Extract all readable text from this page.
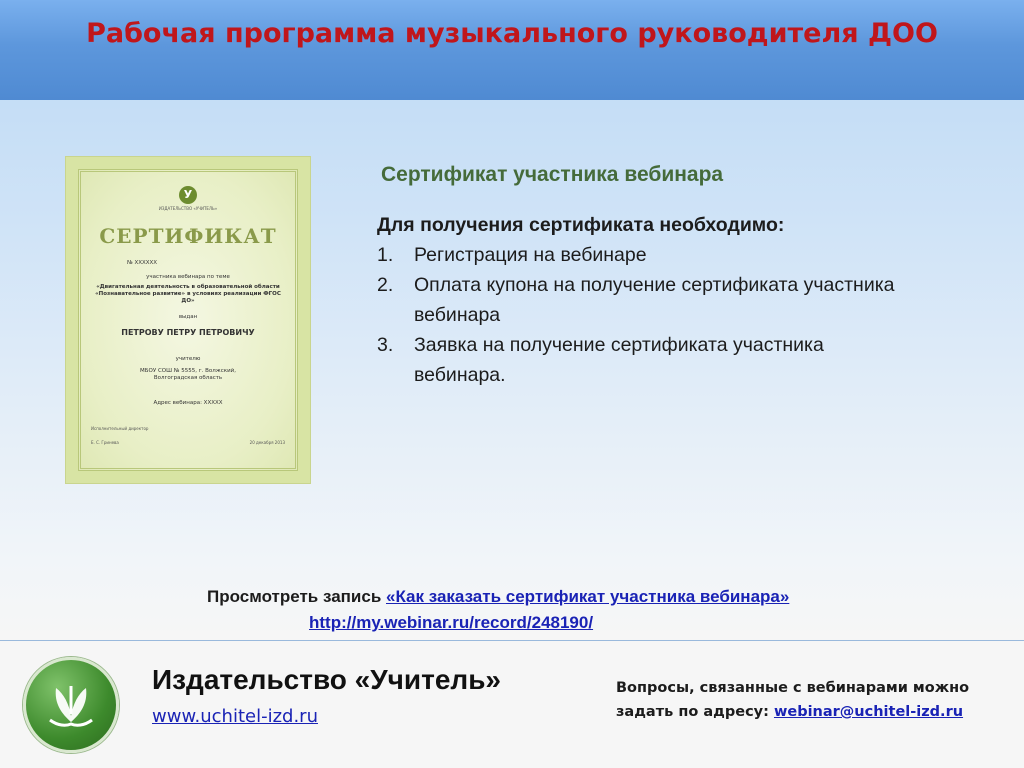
Рабочая программа музыкального руководителя ДОО
У
ИЗДАТЕЛЬСТВО «УЧИТЕЛЬ»
СЕРТИФИКАТ
№ XXXXXX
участника вебинара по теме
«Двигательная деятельность в образовательной области «Познавательное развитие» в условиях реализации ФГОС ДО»
выдан
ПЕТРОВУ ПЕТРУ ПЕТРОВИЧУ
учителю
МБОУ СОШ № 5555, г. Волжский, Волгоградская область
Адрес вебинара: XXXXX
Исполнительный директор
Е. С. Гринева	20 декабря 2013
Сертификат участника вебинара
Для получения сертификата необходимо:
1.	Регистрация на вебинаре
2.	Оплата купона на получение сертификата участника вебинара
3.	Заявка на получение сертификата участника вебинара.
Просмотреть запись «Как заказать сертификат участника вебинара»
http://my.webinar.ru/record/248190/
Издательство «Учитель»
www.uchitel-izd.ru
Вопросы, связанные с вебинарами можно задать по адресу: webinar@uchitel-izd.ru
